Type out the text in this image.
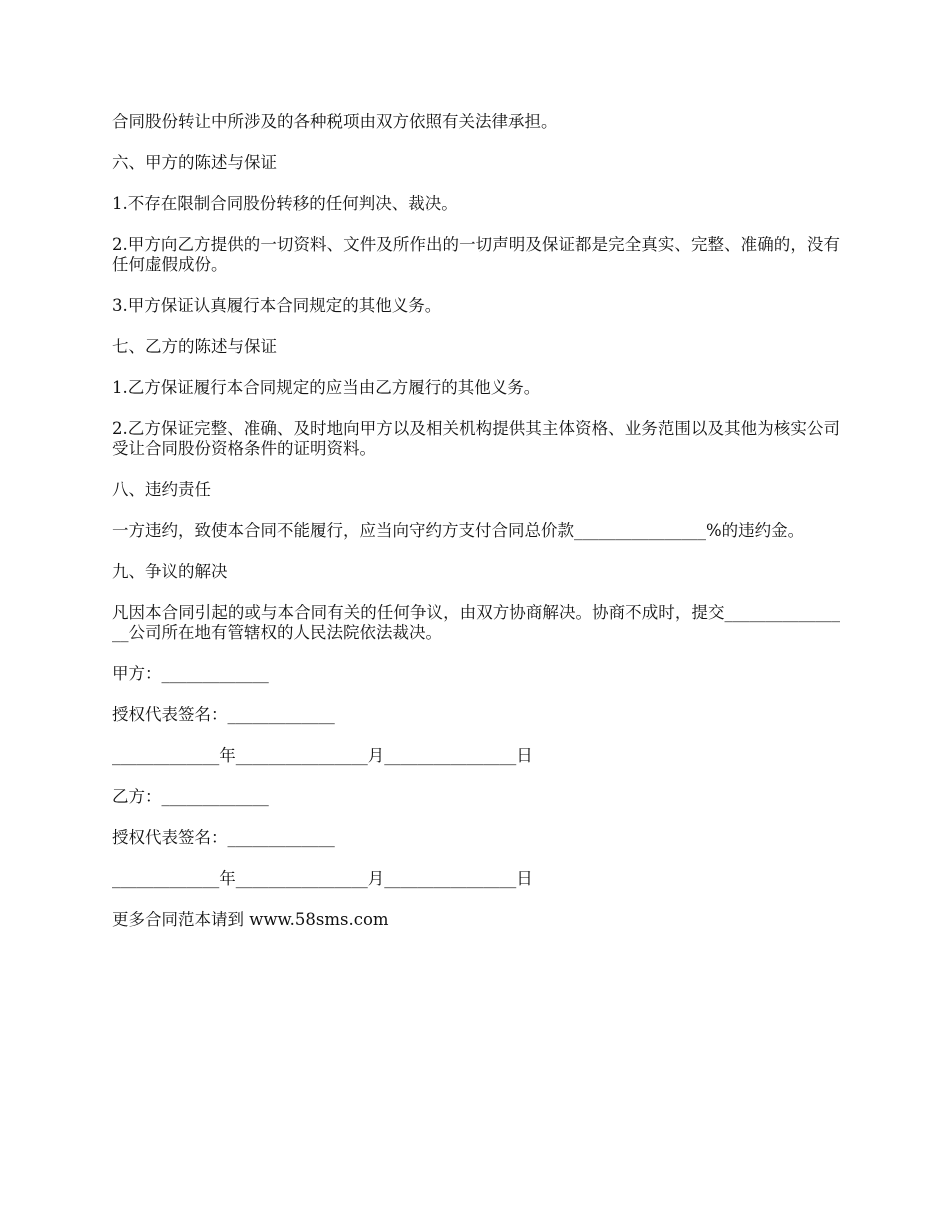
合同股份转让中所涉及的各种税项由双方依照有关法律承担。

六、甲方的陈述与保证

1.不存在限制合同股份转移的任何判决、裁决。

2.甲方向乙方提供的一切资料、文件及所作出的一切声明及保证都是完全真实、完整、准确的，没有任何虚假成份。

3.甲方保证认真履行本合同规定的其他义务。

七、乙方的陈述与保证

1.乙方保证履行本合同规定的应当由乙方履行的其他义务。

2.乙方保证完整、准确、及时地向甲方以及相关机构提供其主体资格、业务范围以及其他为核实公司受让合同股份资格条件的证明资料。

八、违约责任

一方违约，致使本合同不能履行，应当向守约方支付合同总价款________________%的违约金。

九、争议的解决

凡因本合同引起的或与本合同有关的任何争议，由双方协商解决。协商不成时，提交________________公司所在地有管辖权的人民法院依法裁决。

甲方：_____________

授权代表签名：_____________

_____________年________________月________________日

乙方：_____________

授权代表签名：_____________

_____________年________________月________________日

更多合同范本请到 www.58sms.com
